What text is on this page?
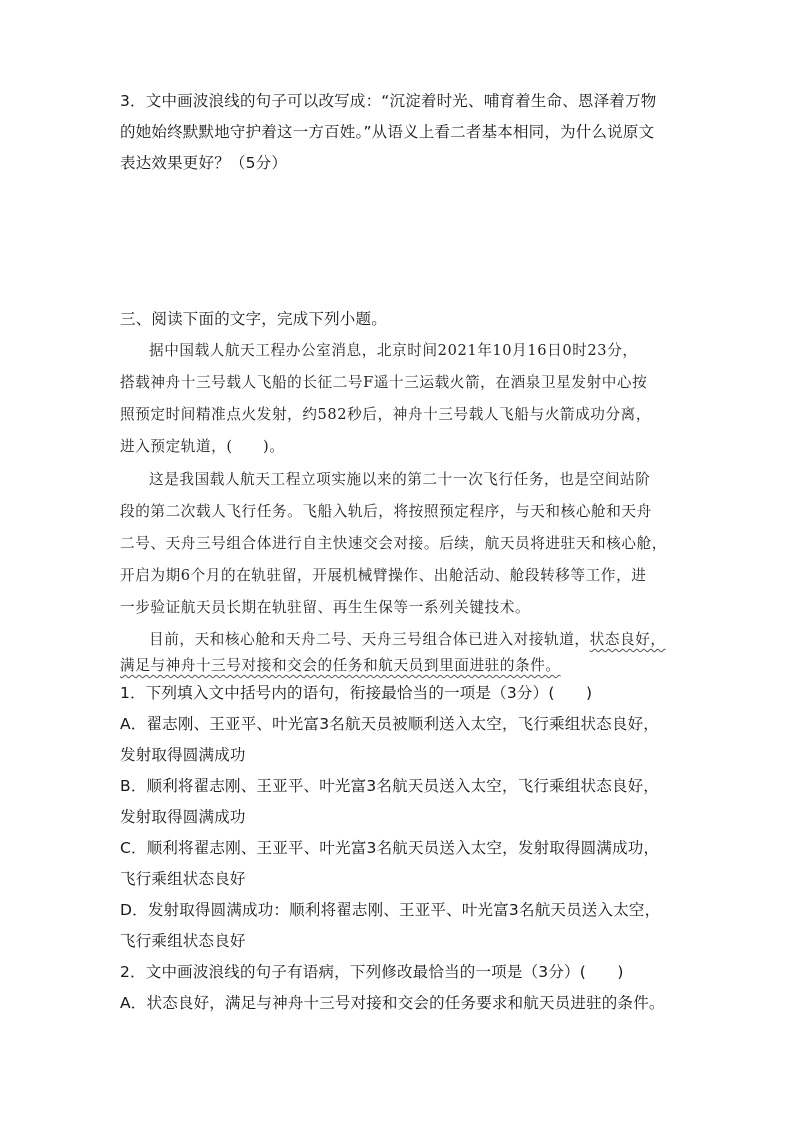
3．文中画波浪线的句子可以改写成：“沉淀着时光、哺育着生命、恩泽着万物
的她始终默默地守护着这一方百姓。”从语义上看二者基本相同，为什么说原文
表达效果更好？（5分）
三、阅读下面的文字，完成下列小题。
据中国载人航天工程办公室消息，北京时间2021年10月16日0时23分，
搭载神舟十三号载人飞船的长征二号F遥十三运载火箭，在酒泉卫星发射中心按
照预定时间精准点火发射，约582秒后，神舟十三号载人飞船与火箭成功分离，
进入预定轨道，(　　)。
这是我国载人航天工程立项实施以来的第二十一次飞行任务，也是空间站阶
段的第二次载人飞行任务。飞船入轨后，将按照预定程序，与天和核心舱和天舟
二号、天舟三号组合体进行自主快速交会对接。后续，航天员将进驻天和核心舱，
开启为期6个月的在轨驻留，开展机械臂操作、出舱活动、舱段转移等工作，进
一步验证航天员长期在轨驻留、再生生保等一系列关键技术。
目前，天和核心舱和天舟二号、天舟三号组合体已进入对接轨道，状态良好，
满足与神舟十三号对接和交会的任务和航天员到里面进驻的条件。
1．下列填入文中括号内的语句，衔接最恰当的一项是（3分）(　　)
A．翟志刚、王亚平、叶光富3名航天员被顺利送入太空，飞行乘组状态良好，
发射取得圆满成功
B．顺利将翟志刚、王亚平、叶光富3名航天员送入太空，飞行乘组状态良好，
发射取得圆满成功
C．顺利将翟志刚、王亚平、叶光富3名航天员送入太空，发射取得圆满成功，
飞行乘组状态良好
D．发射取得圆满成功：顺利将翟志刚、王亚平、叶光富3名航天员送入太空，
飞行乘组状态良好
2．文中画波浪线的句子有语病，下列修改最恰当的一项是（3分）(　　)
A．状态良好，满足与神舟十三号对接和交会的任务要求和航天员进驻的条件。
